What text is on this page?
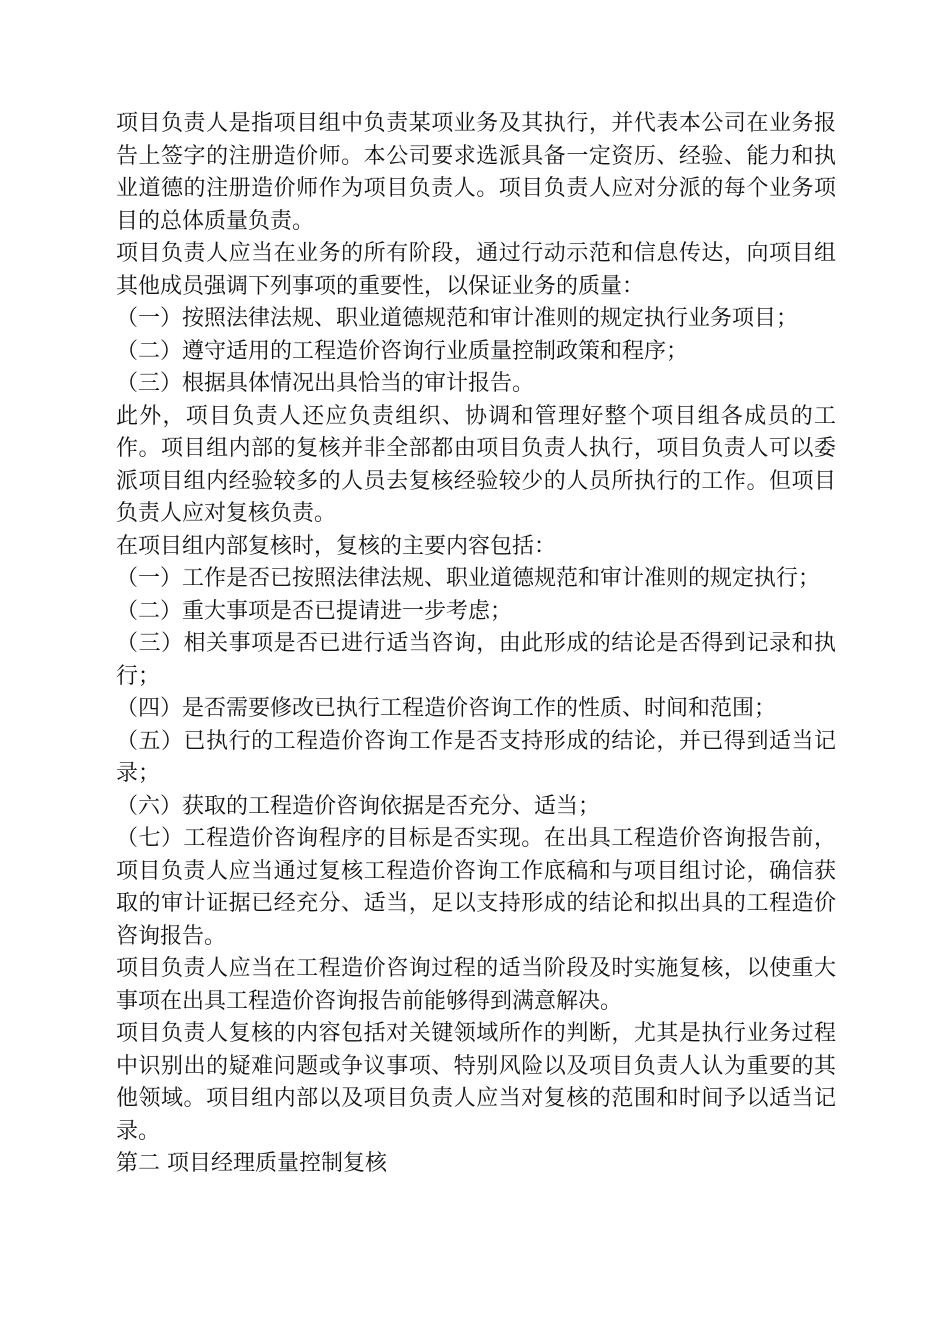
项目负责人是指项目组中负责某项业务及其执行，并代表本公司在业务报告上签字的注册造价师。本公司要求选派具备一定资历、经验、能力和执业道德的注册造价师作为项目负责人。项目负责人应对分派的每个业务项目的总体质量负责。

项目负责人应当在业务的所有阶段，通过行动示范和信息传达，向项目组其他成员强调下列事项的重要性，以保证业务的质量：

（一）按照法律法规、职业道德规范和审计准则的规定执行业务项目；

（二）遵守适用的工程造价咨询行业质量控制政策和程序；

（三）根据具体情况出具恰当的审计报告。

此外，项目负责人还应负责组织、协调和管理好整个项目组各成员的工作。项目组内部的复核并非全部都由项目负责人执行，项目负责人可以委派项目组内经验较多的人员去复核经验较少的人员所执行的工作。但项目负责人应对复核负责。

在项目组内部复核时，复核的主要内容包括：

（一）工作是否已按照法律法规、职业道德规范和审计准则的规定执行；

（二）重大事项是否已提请进一步考虑；

（三）相关事项是否已进行适当咨询，由此形成的结论是否得到记录和执行；

（四）是否需要修改已执行工程造价咨询工作的性质、时间和范围；

（五）已执行的工程造价咨询工作是否支持形成的结论，并已得到适当记录；

（六）获取的工程造价咨询依据是否充分、适当；

（七）工程造价咨询程序的目标是否实现。在出具工程造价咨询报告前，项目负责人应当通过复核工程造价咨询工作底稿和与项目组讨论，确信获取的审计证据已经充分、适当，足以支持形成的结论和拟出具的工程造价咨询报告。

项目负责人应当在工程造价咨询过程的适当阶段及时实施复核，以使重大事项在出具工程造价咨询报告前能够得到满意解决。

项目负责人复核的内容包括对关键领域所作的判断，尤其是执行业务过程中识别出的疑难问题或争议事项、特别风险以及项目负责人认为重要的其他领域。项目组内部以及项目负责人应当对复核的范围和时间予以适当记录。

第二 项目经理质量控制复核
